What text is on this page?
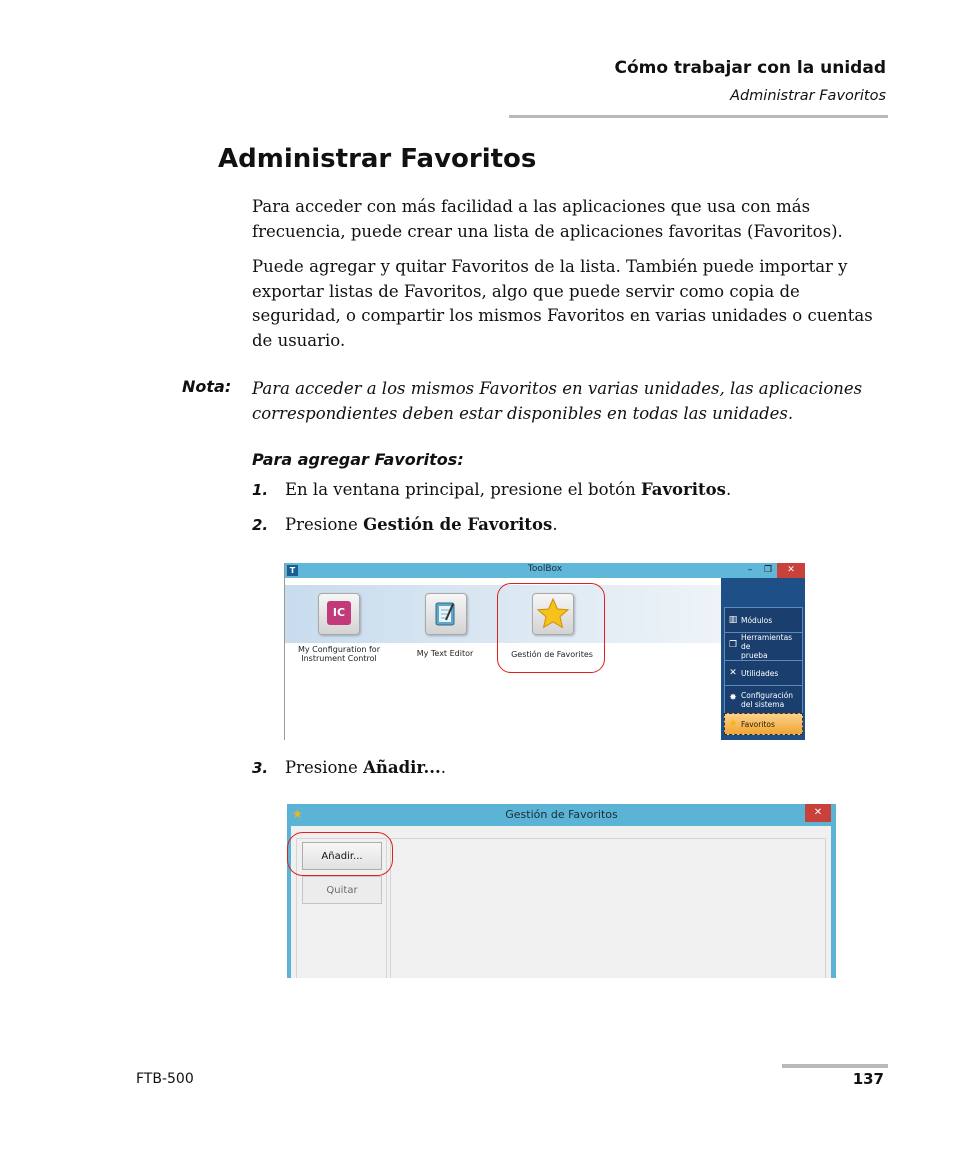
Cómo trabajar con la unidad
Administrar Favoritos
Administrar Favoritos

Para acceder con más facilidad a las aplicaciones que usa con más frecuencia, puede crear una lista de aplicaciones favoritas (Favoritos).

Puede agregar y quitar Favoritos de la lista. También puede importar y exportar listas de Favoritos, algo que puede servir como copia de seguridad, o compartir los mismos Favoritos en varias unidades o cuentas de usuario.

Nota: Para acceder a los mismos Favoritos en varias unidades, las aplicaciones correspondientes deben estar disponibles en todas las unidades.

Para agregar Favoritos:
1. En la ventana principal, presione el botón Favoritos.
2. Presione Gestión de Favoritos.
T	ToolBox	–	❐	✕
IC
My Configuration for
Instrument Control
My Text Editor	Gestión de Favorites
▥ Módulos
❐
Herramientas de
prueba
✕ Utilidades
✸ Configuración
del sistema
★ Favoritos
3. Presione Añadir....
★	Gestión de Favoritos	✕
Añadir...
Quitar
FTB-500	137
